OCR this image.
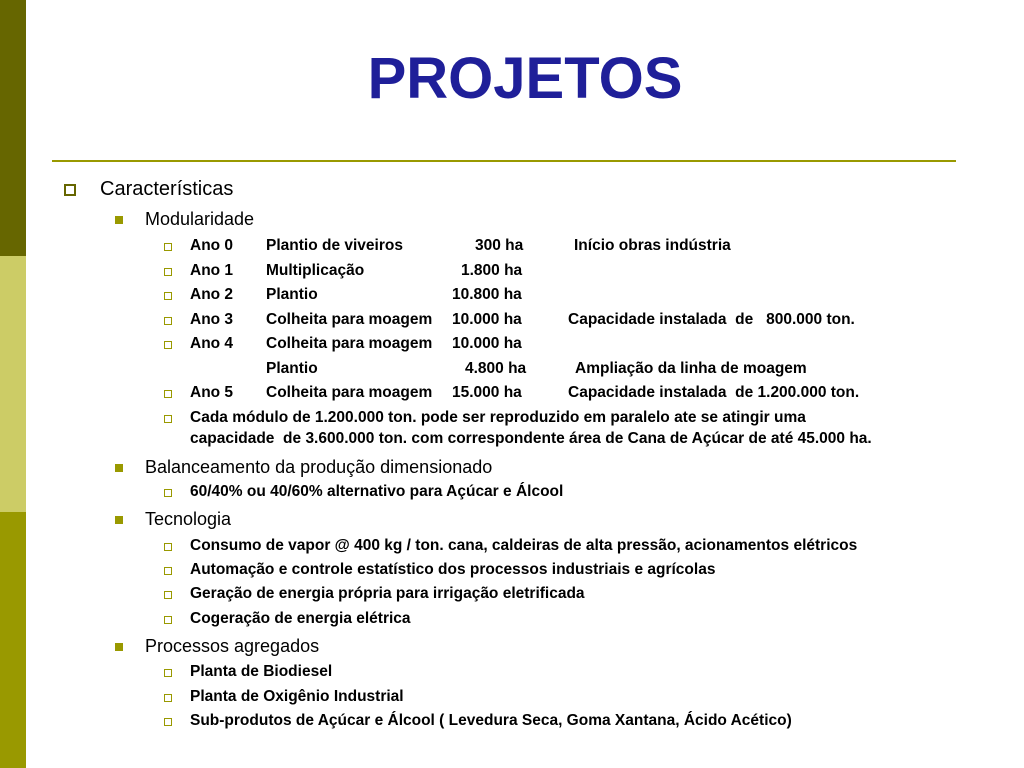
PROJETOS
Características
Modularidade
Ano 0 Plantio de viveiros	300 ha	Início obras indústria
Ano 1 Multiplicação	1.800 ha
Ano 2 Plantio	10.800 ha
Ano 3 Colheita para moagem 10.000 ha	Capacidade instalada  de   800.000 ton.
Ano 4 Colheita para moagem 10.000 ha
Plantio	4.800 ha	Ampliação da linha de moagem
Ano 5 Colheita para moagem 15.000 ha	Capacidade instalada  de 1.200.000 ton.
Cada módulo de 1.200.000 ton. pode ser reproduzido em paralelo ate se atingir uma
capacidade  de 3.600.000 ton. com correspondente área de Cana de Açúcar de até 45.000 ha.
Balanceamento da produção dimensionado
60/40% ou 40/60% alternativo para Açúcar e Álcool
Tecnologia
Consumo de vapor @ 400 kg / ton. cana, caldeiras de alta pressão, acionamentos elétricos
Automação e controle estatístico dos processos industriais e agrícolas
Geração de energia própria para irrigação eletrificada
Cogeração de energia elétrica
Processos agregados
Planta de Biodiesel
Planta de Oxigênio Industrial
Sub-produtos de Açúcar e Álcool ( Levedura Seca, Goma Xantana, Ácido Acético)
